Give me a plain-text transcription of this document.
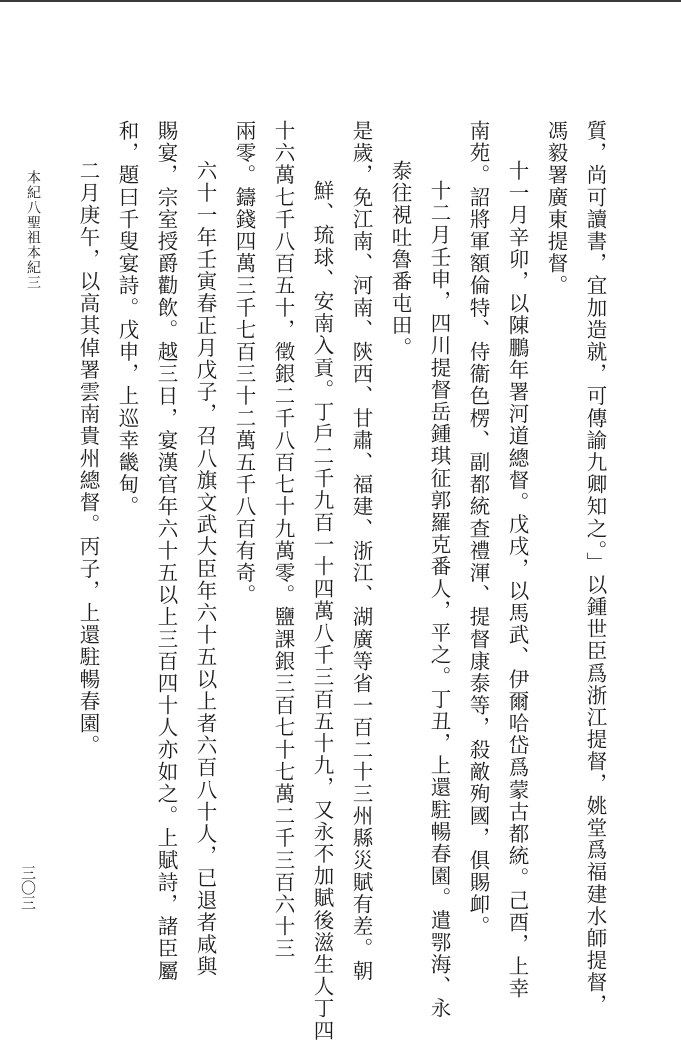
質，尚可讀書，宜加造就，可傳諭九卿知之。」以鍾世臣爲浙江提督，姚堂爲福建水師提督，
馮毅署廣東提督。
十一月辛卯，以陳鵬年署河道總督。戊戌，以馬武、伊爾哈岱爲蒙古都統。己酉，上幸
南苑。詔將軍額倫特、侍衞色楞、副都統查禮渾、提督康泰等，殺敵殉國，俱賜卹。
十二月壬申，四川提督岳鍾琪征郭羅克番人，平之。丁丑，上還駐暢春園。遣鄂海、永
泰往視吐魯番屯田。
是歲，免江南、河南、陝西、甘肅、福建、浙江、湖廣等省一百二十三州縣災賦有差。朝
鮮、琉球、安南入貢。丁戶二千九百一十四萬八千三百五十九，又永不加賦後滋生人丁四
十六萬七千八百五十，徵銀二千八百七十九萬零。鹽課銀三百七十七萬二千三百六十三
兩零。鑄錢四萬三千七百三十二萬五千八百有奇。
六十一年壬寅春正月戊子，召八旗文武大臣年六十五以上者六百八十人，已退者咸與
賜宴，宗室授爵勸飲。越三日，宴漢官年六十五以上三百四十人亦如之。上賦詩，諸臣屬
和，題曰千叟宴詩。戊申，上巡幸畿甸。
二月庚午，以高其倬署雲南貴州總督。丙子，上還駐暢春園。
本紀八聖祖本紀三
三〇三
